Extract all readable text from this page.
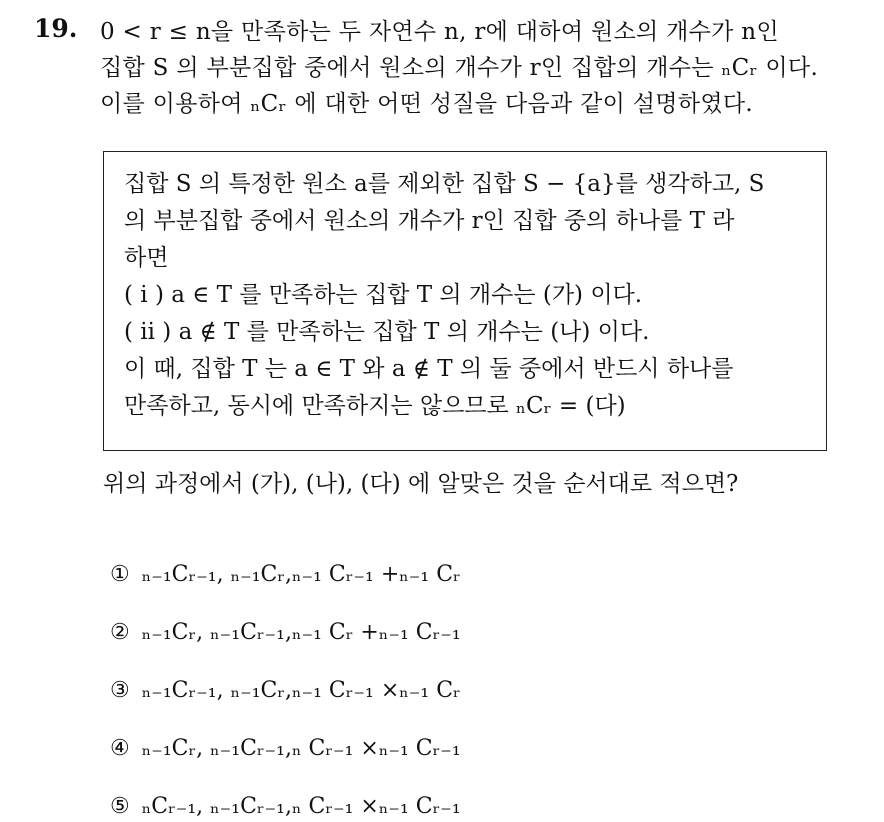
19. 0 < r ≤ n을 만족하는 두 자연수 n, r에 대하여 원소의 개수가 n인

집합 S 의 부분집합 중에서 원소의 개수가 r인 집합의 개수는 ₙCᵣ 이다.

이를 이용하여 ₙCᵣ 에 대한 어떤 성질을 다음과 같이 설명하였다.

집합 S 의 특정한 원소 a를 제외한 집합 S − {a}를 생각하고, S

의 부분집합 중에서 원소의 개수가 r인 집합 중의 하나를 T 라

하면

( i ) a ∈ T 를 만족하는 집합 T 의 개수는 (가) 이다.

( ii ) a ∉ T 를 만족하는 집합 T 의 개수는 (나) 이다.

이 때, 집합 T 는 a ∈ T 와 a ∉ T 의 둘 중에서 반드시 하나를

만족하고, 동시에 만족하지는 않으므로 ₙCᵣ = (다)

위의 과정에서 (가), (나), (다) 에 알맞은 것을 순서대로 적으면?
① ₙ₋₁Cᵣ₋₁, ₙ₋₁Cᵣ,ₙ₋₁ Cᵣ₋₁ +ₙ₋₁ Cᵣ
② ₙ₋₁Cᵣ, ₙ₋₁Cᵣ₋₁,ₙ₋₁ Cᵣ +ₙ₋₁ Cᵣ₋₁
③ ₙ₋₁Cᵣ₋₁, ₙ₋₁Cᵣ,ₙ₋₁ Cᵣ₋₁ ×ₙ₋₁ Cᵣ
④ ₙ₋₁Cᵣ, ₙ₋₁Cᵣ₋₁,ₙ Cᵣ₋₁ ×ₙ₋₁ Cᵣ₋₁
⑤ ₙCᵣ₋₁, ₙ₋₁Cᵣ₋₁,ₙ Cᵣ₋₁ ×ₙ₋₁ Cᵣ₋₁
